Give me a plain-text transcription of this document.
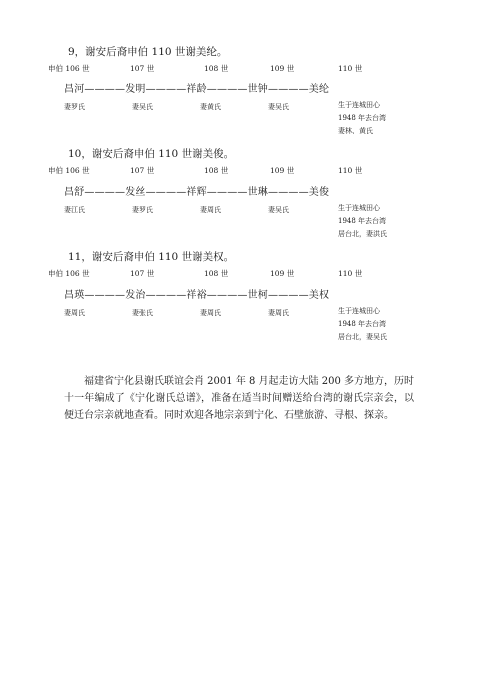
9，谢安后裔申伯 110 世谢美纶。
申伯 106 世	107 世	108 世	109 世	110 世
昌河————发明————祥龄————世钟————美纶
妻罗氏	妻吴氏	妻黄氏	妻吴氏	生于连城田心
1948 年去台湾
妻林、黄氏
10，谢安后裔申伯 110 世谢美俊。
申伯 106 世	107 世	108 世	109 世	110 世
昌舒————发丝————祥辉————世琳————美俊
妻江氏	妻罗氏	妻周氏	妻吴氏	生于连城田心
1948 年去台湾
居台北，妻洪氏
11，谢安后裔申伯 110 世谢美权。
申伯 106 世	107 世	108 世	109 世	110 世
昌瑛————发治————祥裕————世柯————美权
妻周氏	妻张氏	妻周氏	妻周氏	生于连城田心
1948 年去台湾
居台北，妻吴氏
福建省宁化县谢氏联谊会肖 2001 年 8 月起走访大陆 200 多方地方，历时十一年编成了《宁化谢氏总谱》，准备在适当时间赠送给台湾的谢氏宗亲会，以便迁台宗亲就地查看。同时欢迎各地宗亲到宁化、石壁旅游、寻根、探亲。
